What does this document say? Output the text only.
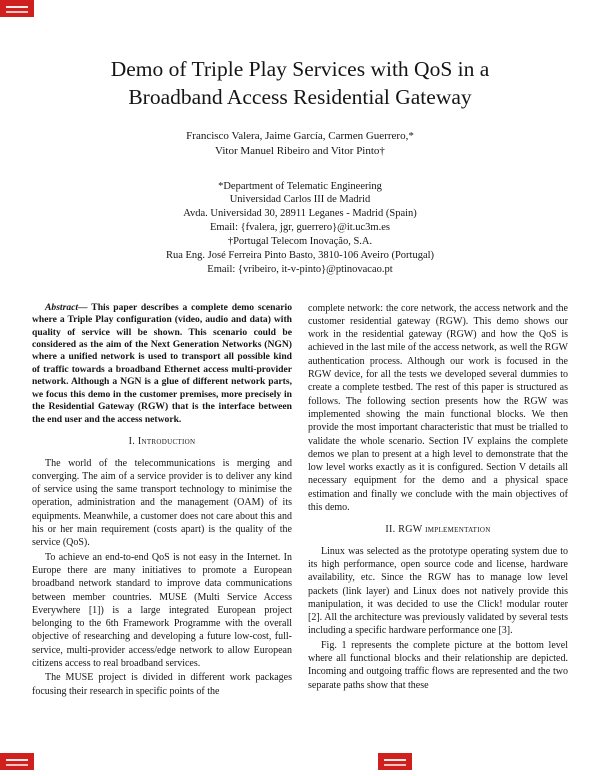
Demo of Triple Play Services with QoS in a
Broadband Access Residential Gateway
Francisco Valera, Jaime García, Carmen Guerrero,*
Vitor Manuel Ribeiro and Vitor Pinto†
*Department of Telematic Engineering
Universidad Carlos III de Madrid
Avda. Universidad 30, 28911 Leganes - Madrid (Spain)
Email: {fvalera, jgr, guerrero}@it.uc3m.es
†Portugal Telecom Inovação, S.A.
Rua Eng. José Ferreira Pinto Basto, 3810-106 Aveiro (Portugal)
Email: {vribeiro, it-v-pinto}@ptinovacao.pt

Abstract— This paper describes a complete demo scenario where a Triple Play configuration (video, audio and data) with quality of service will be shown. This scenario could be considered as the aim of the Next Generation Networks (NGN) where a unified network is used to transport all possible kind of traffic towards a broadband Ethernet access multi-provider network. Although a NGN is a glue of different network parts, we focus this demo in the customer premises, more precisely in the Residential Gateway (RGW) that is the interface between the end user and the access network.

I. Introduction

The world of the telecommunications is merging and converging. The aim of a service provider is to deliver any kind of service using the same transport technology to minimise the operation, administration and the management (OAM) of its equipments. Meanwhile, a customer does not care about this and his or her main requirement (costs apart) is the quality of the service (QoS).

To achieve an end-to-end QoS is not easy in the Internet. In Europe there are many initiatives to promote a European broadband network standard to improve data communications between member countries. MUSE (Multi Service Access Everywhere [1]) is a large integrated European project belonging to the 6th Framework Programme with the overall objective of researching and developing a future low-cost, full-service, multi-provider access/edge network to allow European citizens access to real broadband services.

The MUSE project is divided in different work packages focusing their research in specific points of the

complete network: the core network, the access network and the customer residential gateway (RGW). This demo shows our work in the residential gateway (RGW) and how the QoS is achieved in the last mile of the access network, as well the RGW authentication process. Although our work is focused in the RGW device, for all the tests we developed several dummies to create a complete testbed. The rest of this paper is structured as follows. The following section presents how the RGW was implemented showing the main functional blocks. We then provide the most important characteristic that must be trialled to validate the whole scenario. Section IV explains the complete demos we plan to present at a high level to demonstrate that the low level works exactly as it is configured. Section V details all necessary equipment for the demo and a physical space estimation and finally we conclude with the main objectives of this demo.

II. RGW implementation

Linux was selected as the prototype operating system due to its high performance, open source code and license, hardware availability, etc. Since the RGW has to manage low level packets (link layer) and Linux does not natively provide this manipulation, it was decided to use the Click! modular router [2]. All the architecture was previously validated by several tests including a specific hardware performance one [3].

Fig. 1 represents the complete picture at the bottom level where all functional blocks and their relationship are depicted. Incoming and outgoing traffic flows are represented and the two separate paths show that these
